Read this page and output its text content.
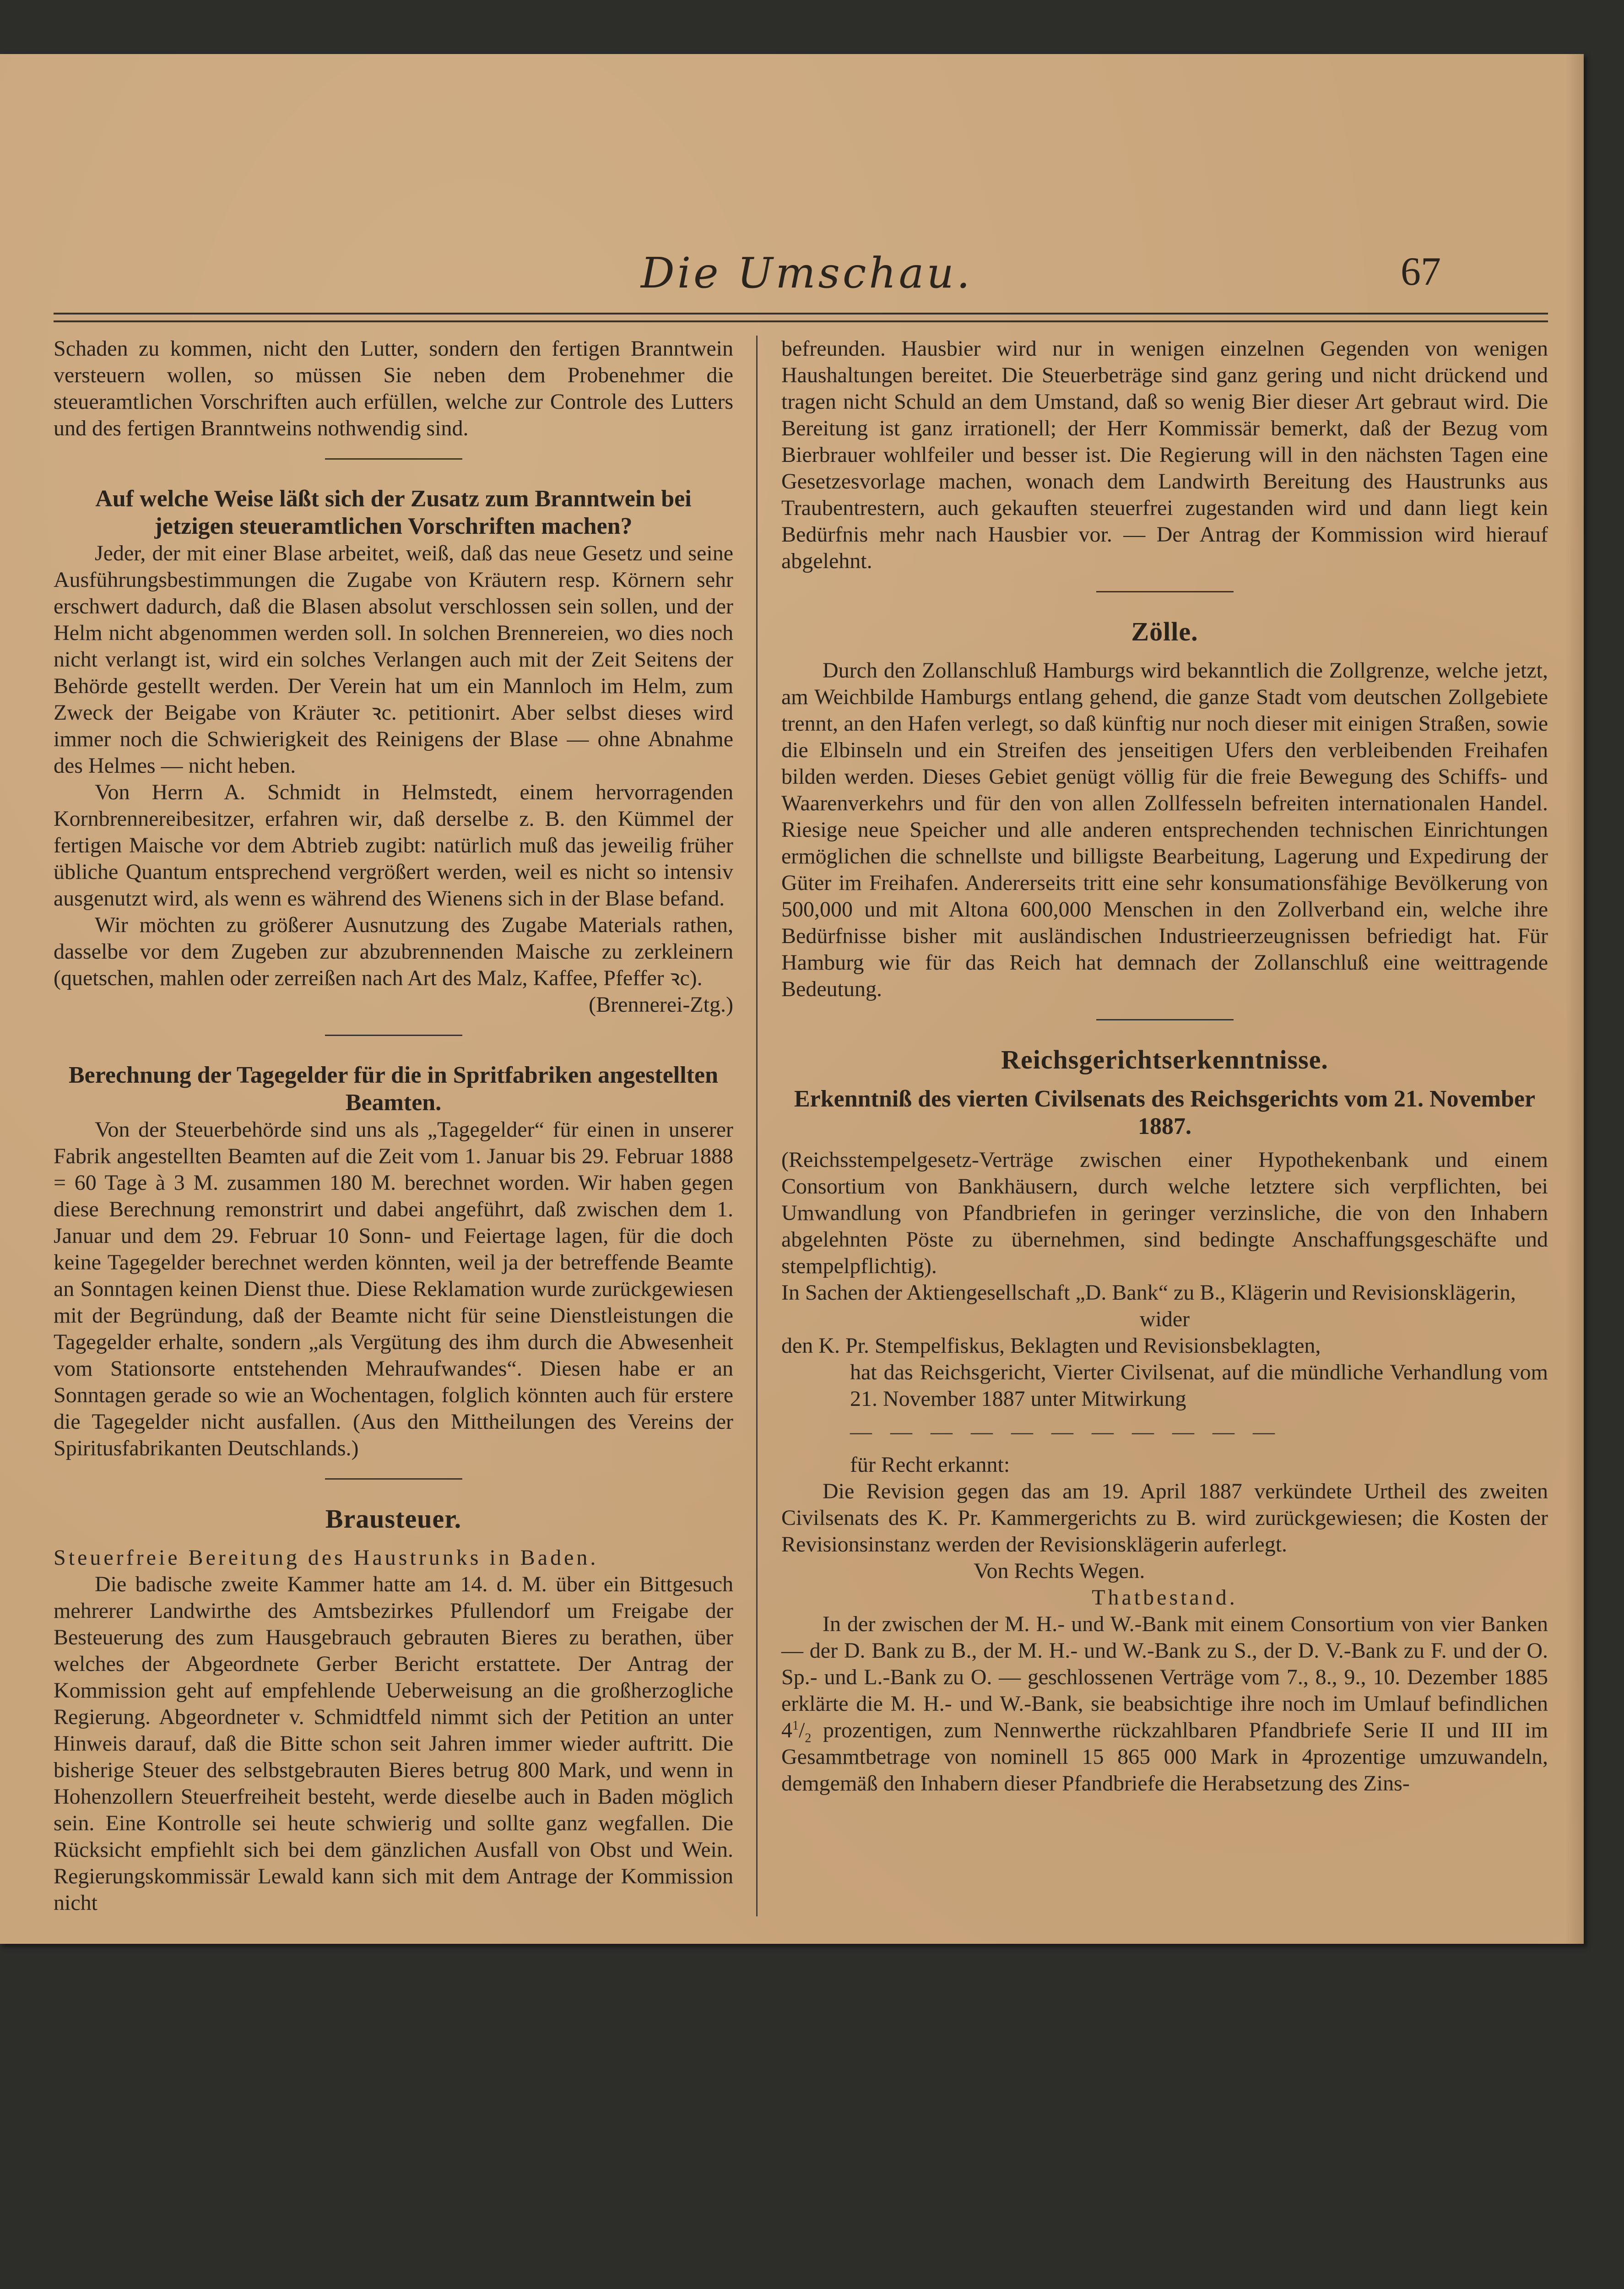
Die Umschau.	67

Schaden zu kommen, nicht den Lutter, sondern den fertigen Branntwein versteuern wollen, so müssen Sie neben dem Probenehmer die steueramtlichen Vorschriften auch erfüllen, welche zur Controle des Lutters und des fertigen Branntweins nothwendig sind.

Auf welche Weise läßt sich der Zusatz zum Branntwein bei jetzigen steueramtlichen Vorschriften machen?

Jeder, der mit einer Blase arbeitet, weiß, daß das neue Gesetz und seine Ausführungsbestimmungen die Zugabe von Kräutern resp. Körnern sehr erschwert dadurch, daß die Blasen absolut verschlossen sein sollen, und der Helm nicht abgenommen werden soll. In solchen Brennereien, wo dies noch nicht verlangt ist, wird ein solches Verlangen auch mit der Zeit Seitens der Behörde gestellt werden. Der Verein hat um ein Mannloch im Helm, zum Zweck der Beigabe von Kräuter ꝛc. petitionirt. Aber selbst dieses wird immer noch die Schwierigkeit des Reinigens der Blase — ohne Abnahme des Helmes — nicht heben.

Von Herrn A. Schmidt in Helmstedt, einem hervorragenden Kornbrennereibesitzer, erfahren wir, daß derselbe z. B. den Kümmel der fertigen Maische vor dem Abtrieb zugibt: natürlich muß das jeweilig früher übliche Quantum entsprechend vergrößert werden, weil es nicht so intensiv ausgenutzt wird, als wenn es während des Wienens sich in der Blase befand.

Wir möchten zu größerer Ausnutzung des Zugabe Materials rathen, dasselbe vor dem Zugeben zur abzubrennenden Maische zu zerkleinern (quetschen, mahlen oder zerreißen nach Art des Malz, Kaffee, Pfeffer ꝛc).
(Brennerei-Ztg.)

Berechnung der Tagegelder für die in Spritfabriken angestellten Beamten.

Von der Steuerbehörde sind uns als „Tagegelder“ für einen in unserer Fabrik angestellten Beamten auf die Zeit vom 1. Januar bis 29. Februar 1888 = 60 Tage à 3 M. zusammen 180 M. berechnet worden. Wir haben gegen diese Berechnung remonstrirt und dabei angeführt, daß zwischen dem 1. Januar und dem 29. Februar 10 Sonn- und Feiertage lagen, für die doch keine Tagegelder berechnet werden könnten, weil ja der betreffende Beamte an Sonntagen keinen Dienst thue. Diese Reklamation wurde zurückgewiesen mit der Begründung, daß der Beamte nicht für seine Dienstleistungen die Tagegelder erhalte, sondern „als Vergütung des ihm durch die Abwesenheit vom Stationsorte entstehenden Mehraufwandes“. Diesen habe er an Sonntagen gerade so wie an Wochentagen, folglich könnten auch für erstere die Tagegelder nicht ausfallen. (Aus den Mittheilungen des Vereins der Spiritusfabrikanten Deutschlands.)

Brausteuer.

Steuerfreie Bereitung des Haustrunks in Baden.

Die badische zweite Kammer hatte am 14. d. M. über ein Bittgesuch mehrerer Landwirthe des Amtsbezirkes Pfullendorf um Freigabe der Besteuerung des zum Hausgebrauch gebrauten Bieres zu berathen, über welches der Abgeordnete Gerber Bericht erstattete. Der Antrag der Kommission geht auf empfehlende Ueberweisung an die großherzogliche Regierung. Abgeordneter v. Schmidtfeld nimmt sich der Petition an unter Hinweis darauf, daß die Bitte schon seit Jahren immer wieder auftritt. Die bisherige Steuer des selbstgebrauten Bieres betrug 800 Mark, und wenn in Hohenzollern Steuerfreiheit besteht, werde dieselbe auch in Baden möglich sein. Eine Kontrolle sei heute schwierig und sollte ganz wegfallen. Die Rücksicht empfiehlt sich bei dem gänzlichen Ausfall von Obst und Wein. Regierungskommissär Lewald kann sich mit dem Antrage der Kommission nicht

befreunden. Hausbier wird nur in wenigen einzelnen Gegenden von wenigen Haushaltungen bereitet. Die Steuerbeträge sind ganz gering und nicht drückend und tragen nicht Schuld an dem Umstand, daß so wenig Bier dieser Art gebraut wird. Die Bereitung ist ganz irrationell; der Herr Kommissär bemerkt, daß der Bezug vom Bierbrauer wohlfeiler und besser ist. Die Regierung will in den nächsten Tagen eine Gesetzesvorlage machen, wonach dem Landwirth Bereitung des Haustrunks aus Traubentrestern, auch gekauften steuerfrei zugestanden wird und dann liegt kein Bedürfnis mehr nach Hausbier vor. — Der Antrag der Kommission wird hierauf abgelehnt.

Zölle.

Durch den Zollanschluß Hamburgs wird bekanntlich die Zollgrenze, welche jetzt, am Weichbilde Hamburgs entlang gehend, die ganze Stadt vom deutschen Zollgebiete trennt, an den Hafen verlegt, so daß künftig nur noch dieser mit einigen Straßen, sowie die Elbinseln und ein Streifen des jenseitigen Ufers den verbleibenden Freihafen bilden werden. Dieses Gebiet genügt völlig für die freie Bewegung des Schiffs- und Waarenverkehrs und für den von allen Zollfesseln befreiten internationalen Handel. Riesige neue Speicher und alle anderen entsprechenden technischen Einrichtungen ermöglichen die schnellste und billigste Bearbeitung, Lagerung und Expedirung der Güter im Freihafen. Andererseits tritt eine sehr konsumationsfähige Bevölkerung von 500,000 und mit Altona 600,000 Menschen in den Zollverband ein, welche ihre Bedürfnisse bisher mit ausländischen Industrieerzeugnissen befriedigt hat. Für Hamburg wie für das Reich hat demnach der Zollanschluß eine weittragende Bedeutung.

Reichsgerichtserkenntnisse.
Erkenntniß des vierten Civilsenats des Reichsgerichts vom 21. November 1887.

(Reichsstempelgesetz-Verträge zwischen einer Hypothekenbank und einem Consortium von Bankhäusern, durch welche letztere sich verpflichten, bei Umwandlung von Pfandbriefen in geringer verzinsliche, die von den Inhabern abgelehnten Pöste zu übernehmen, sind bedingte Anschaffungsgeschäfte und stempelpflichtig).

In Sachen der Aktiengesellschaft „D. Bank“ zu B., Klägerin und Revisionsklägerin,

wider

den K. Pr. Stempelfiskus, Beklagten und Revisionsbeklagten,

hat das Reichsgericht, Vierter Civilsenat, auf die mündliche Verhandlung vom 21. November 1887 unter Mitwirkung

— — — — — — — — — — —

für Recht erkannt:

Die Revision gegen das am 19. April 1887 verkündete Urtheil des zweiten Civilsenats des K. Pr. Kammergerichts zu B. wird zurückgewiesen; die Kosten der Revisionsinstanz werden der Revisionsklägerin auferlegt.

Von Rechts Wegen.

Thatbestand.

In der zwischen der M. H.- und W.-Bank mit einem Consortium von vier Banken — der D. Bank zu B., der M. H.- und W.-Bank zu S., der D. V.-Bank zu F. und der O. Sp.- und L.-Bank zu O. — geschlossenen Verträge vom 7., 8., 9., 10. Dezember 1885 erklärte die M. H.- und W.-Bank, sie beabsichtige ihre noch im Umlauf befindlichen $4^1/_2$ prozentigen, zum Nennwerthe rückzahlbaren Pfandbriefe Serie II und III im Gesammtbetrage von nominell 15 865 000 Mark in 4prozentige umzuwandeln, demgemäß den Inhabern dieser Pfandbriefe die Herabsetzung des Zins-
